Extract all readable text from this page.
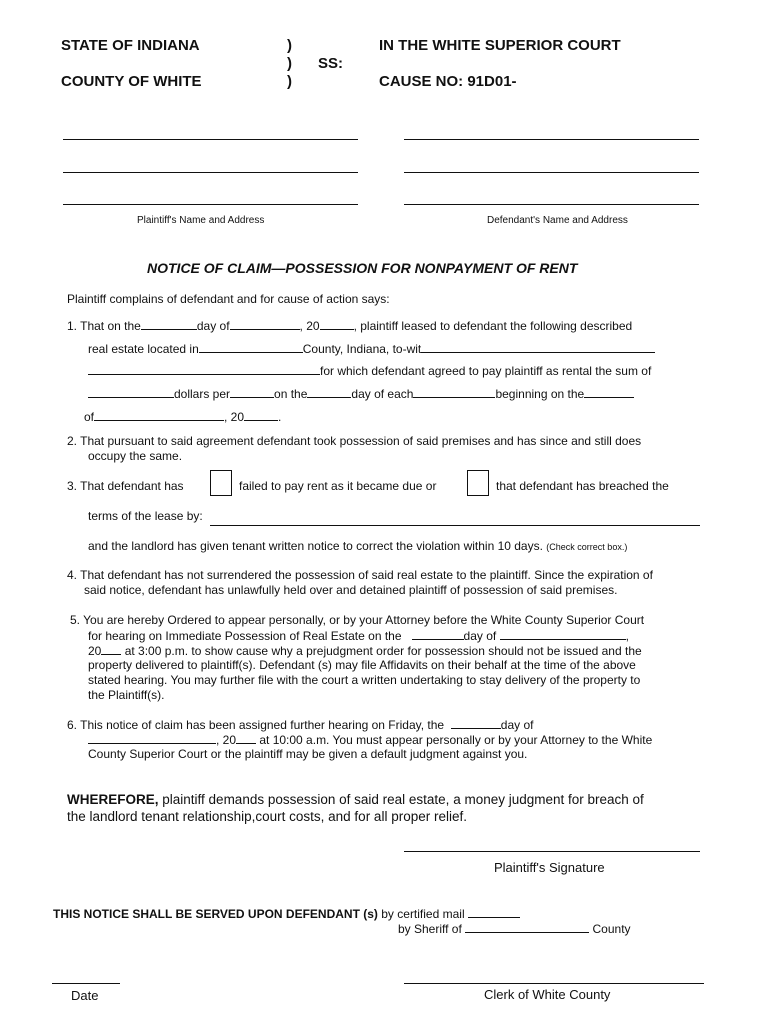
STATE OF INDIANA
COUNTY OF WHITE
)
)
)
SS:
IN THE WHITE SUPERIOR COURT
CAUSE NO: 91D01-
Plaintiff's Name and Address	Defendant's Name and Address
NOTICE OF CLAIM—POSSESSION FOR NONPAYMENT OF RENT
Plaintiff complains of defendant and for cause of action says:
1. That on the	day of	, 20	, plaintiff leased to defendant the following described
real estate located in	County, Indiana, to-wit
for which defendant agreed to pay plaintiff as rental the sum of
dollars per	on the	day of each	beginning on the
of	, 20	.
2. That pursuant to said agreement defendant took possession of said premises and has since and still does
occupy the same.
3. That defendant has	failed to pay rent as it became due or	that defendant has breached the
terms of the lease by:
and the landlord has given tenant written notice to correct the violation within 10 days. (Check correct box.)
4. That defendant has not surrendered the possession of said real estate to the plaintiff. Since the expiration of
said notice, defendant has unlawfully held over and detained plaintiff of possession of said premises.
5. You are hereby Ordered to appear personally, or by your Attorney before the White County Superior Court
for hearing on Immediate Possession of Real Estate on the	day of	,
20 at 3:00 p.m. to show cause why a prejudgment order for possession should not be issued and the
property delivered to plaintiff(s). Defendant (s) may file Affidavits on their behalf at the time of the above
stated hearing. You may further file with the court a written undertaking to stay delivery of the property to
the Plaintiff(s).
6. This notice of claim has been assigned further hearing on Friday, the	day of
, 20 at 10:00 a.m. You must appear personally or by your Attorney to the White
County Superior Court or the plaintiff may be given a default judgment against you.
WHEREFORE, plaintiff demands possession of said real estate, a money judgment for breach of
the landlord tenant relationship,court costs, and for all proper relief.
Plaintiff's Signature
THIS NOTICE SHALL BE SERVED UPON DEFENDANT (s) by certified mail
by Sheriff of	County
Date	Clerk of White County
